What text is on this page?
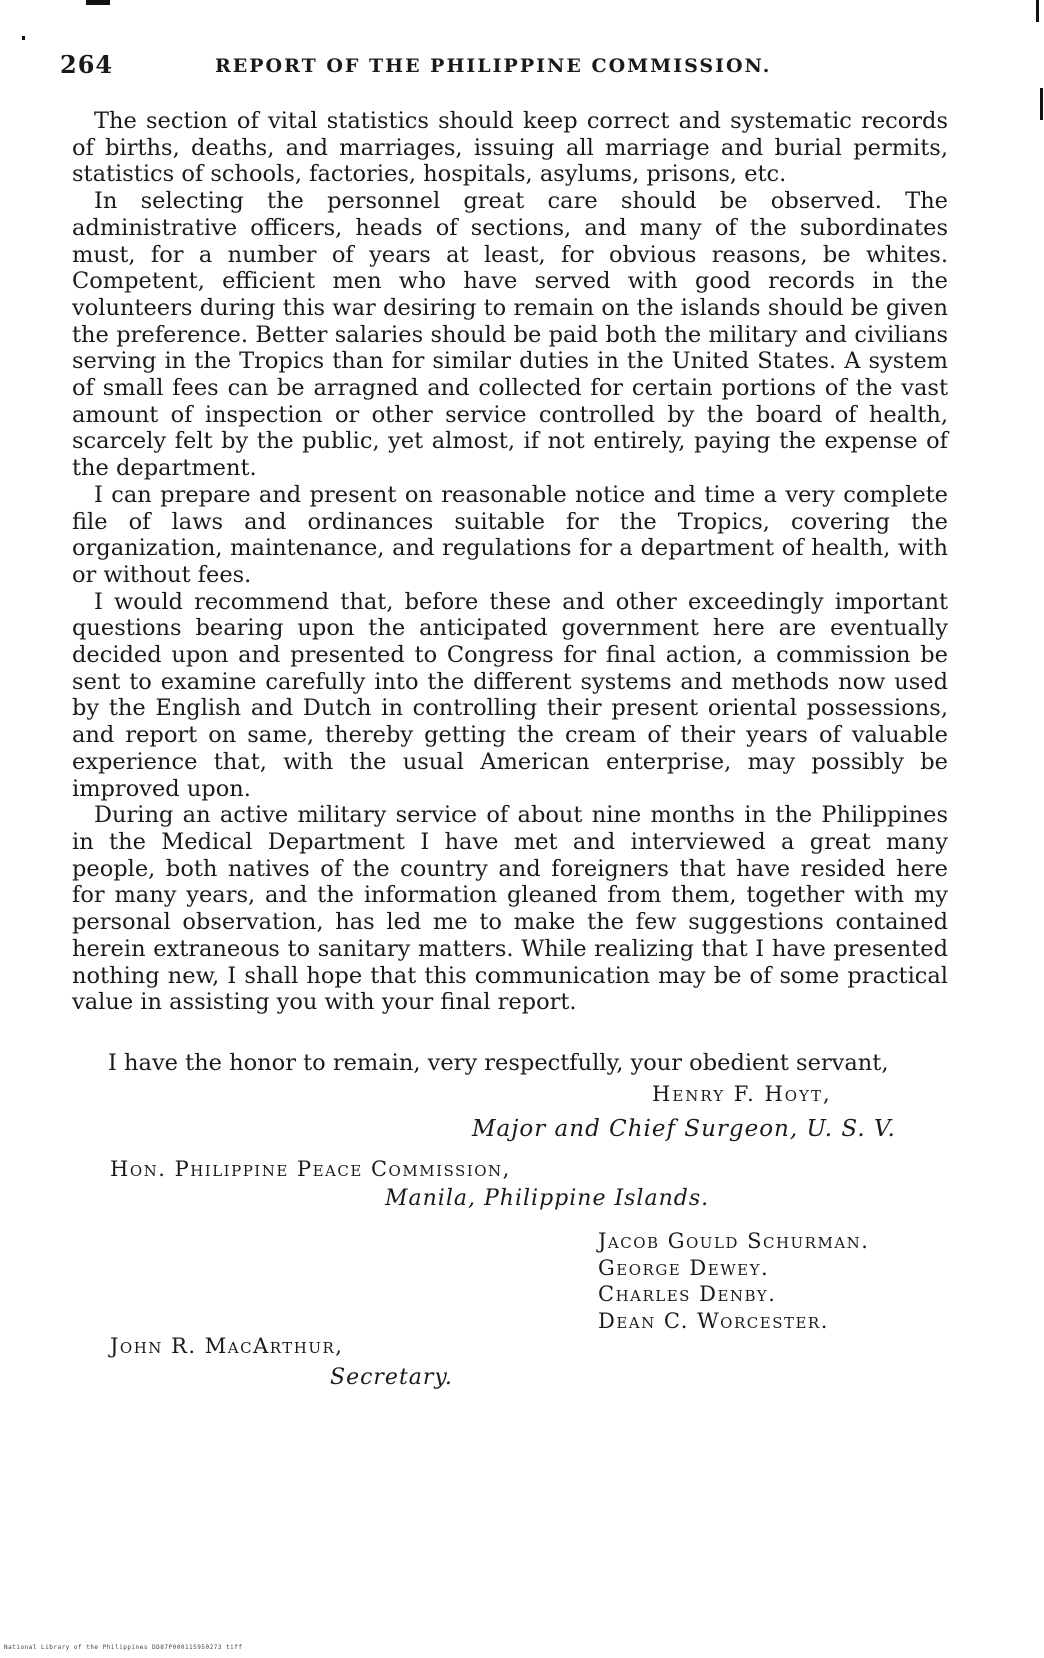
264	REPORT OF THE PHILIPPINE COMMISSION.

The section of vital statistics should keep correct and systematic records of births, deaths, and marriages, issuing all marriage and burial permits, statistics of schools, factories, hospitals, asylums, prisons, etc.

In selecting the personnel great care should be observed. The administrative officers, heads of sections, and many of the subordinates must, for a number of years at least, for obvious reasons, be whites. Competent, efficient men who have served with good records in the volunteers during this war desiring to remain on the islands should be given the preference. Better salaries should be paid both the military and civilians serving in the Tropics than for similar duties in the United States. A system of small fees can be arragned and collected for certain portions of the vast amount of inspection or other service controlled by the board of health, scarcely felt by the public, yet almost, if not entirely, paying the expense of the department.

I can prepare and present on reasonable notice and time a very complete file of laws and ordinances suitable for the Tropics, covering the organization, maintenance, and regulations for a department of health, with or without fees.

I would recommend that, before these and other exceedingly important questions bearing upon the anticipated government here are eventually decided upon and presented to Congress for final action, a commission be sent to examine carefully into the different systems and methods now used by the English and Dutch in controlling their present oriental possessions, and report on same, thereby getting the cream of their years of valuable experience that, with the usual American enterprise, may possibly be improved upon.

During an active military service of about nine months in the Philippines in the Medical Department I have met and interviewed a great many people, both natives of the country and foreigners that have resided here for many years, and the information gleaned from them, together with my personal observation, has led me to make the few suggestions contained herein extraneous to sanitary matters. While realizing that I have presented nothing new, I shall hope that this communication may be of some practical value in assisting you with your final report.

I have the honor to remain, very respectfully, your obedient servant,

Henry F. Hoyt,
Major and Chief Surgeon, U. S. V.
Hon. Philippine Peace Commission,
Manila, Philippine Islands.

Jacob Gould Schurman.

George Dewey.

Charles Denby.

Dean C. Worcester.

John R. MacArthur,
Secretary.
National Library of the Philippines DD87P000115950273 tiff
